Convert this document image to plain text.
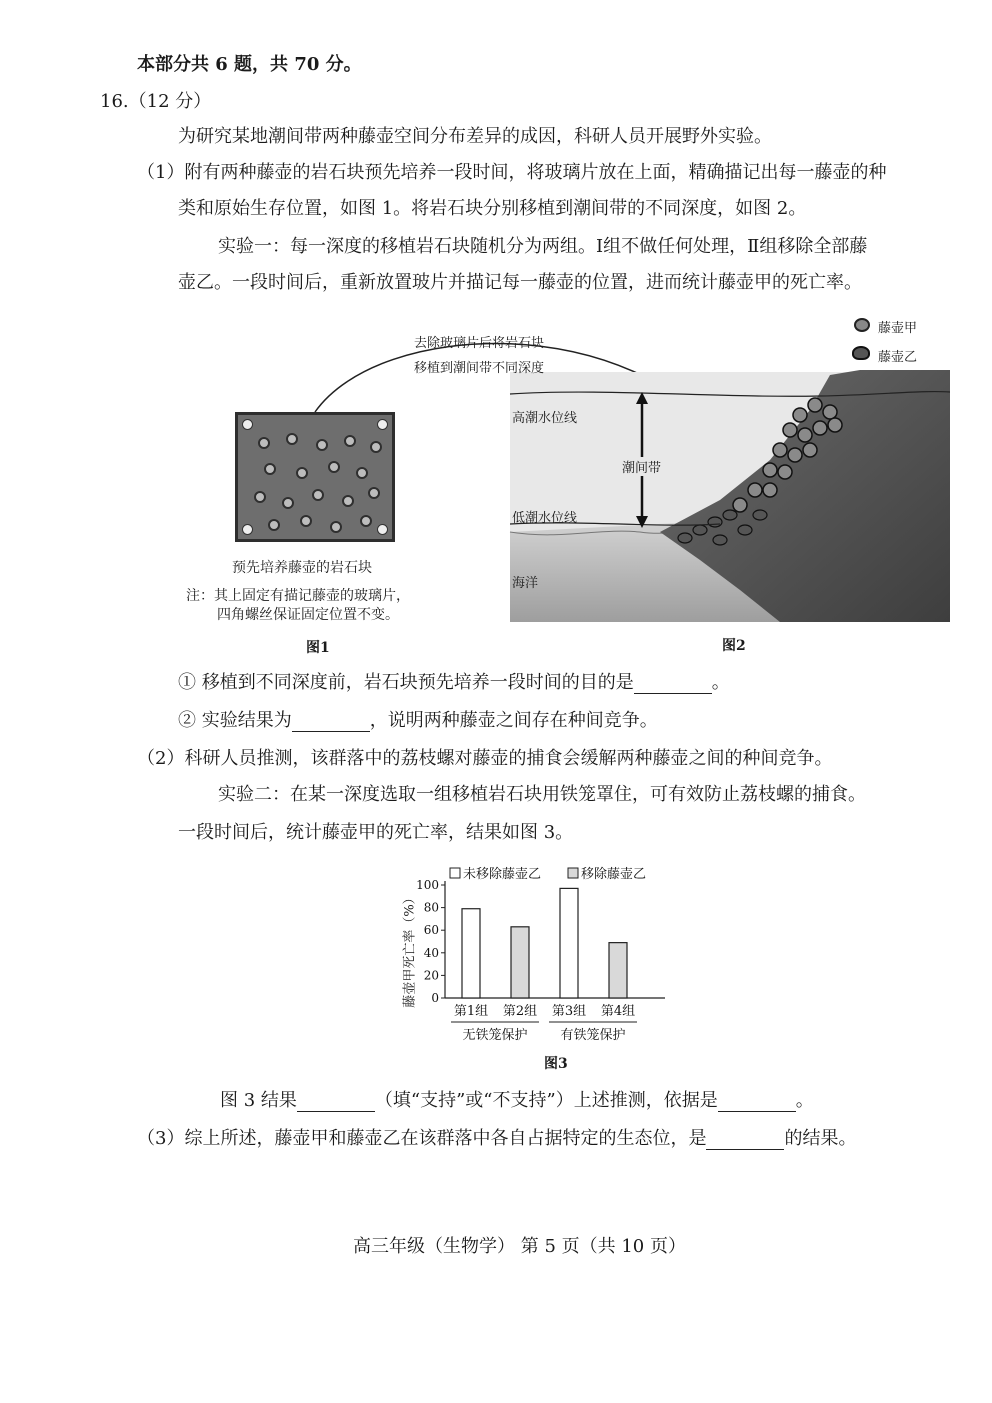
本部分共 6 题，共 70 分。
16.（12 分）
为研究某地潮间带两种藤壶空间分布差异的成因，科研人员开展野外实验。
（1）附有两种藤壶的岩石块预先培养一段时间，将玻璃片放在上面，精确描记出每一藤壶的种
类和原始生存位置，如图 1。将岩石块分别移植到潮间带的不同深度，如图 2。
实验一：每一深度的移植岩石块随机分为两组。Ⅰ组不做任何处理，Ⅱ组移除全部藤
壶乙。一段时间后，重新放置玻片并描记每一藤壶的位置，进而统计藤壶甲的死亡率。
预先培养藤壶的岩石块
注：其上固定有描记藤壶的玻璃片，
四角螺丝保证固定位置不变。
图1
去除玻璃片后将岩石块
移植到潮间带不同深度
藤壶甲
藤壶乙
高潮水位线
潮间带
低潮水位线
海洋
图2
① 移植到不同深度前，岩石块预先培养一段时间的目的是	。
② 实验结果为	，说明两种藤壶之间存在种间竞争。
（2）科研人员推测，该群落中的荔枝螺对藤壶的捕食会缓解两种藤壶之间的种间竞争。
实验二：在某一深度选取一组移植岩石块用铁笼罩住，可有效防止荔枝螺的捕食。
一段时间后，统计藤壶甲的死亡率，结果如图 3。
未移除藤壶乙	移除藤壶乙
0
20
40
60
80
100
第1组 第2组 第3组 第4组
无铁笼保护	有铁笼保护
藤壶甲死亡率（%）
图3
图 3 结果	（填“支持”或“不支持”）上述推测，依据是	。
（3）综上所述，藤壶甲和藤壶乙在该群落中各自占据特定的生态位，是	的结果。
高三年级（生物学） 第 5 页（共 10 页）
